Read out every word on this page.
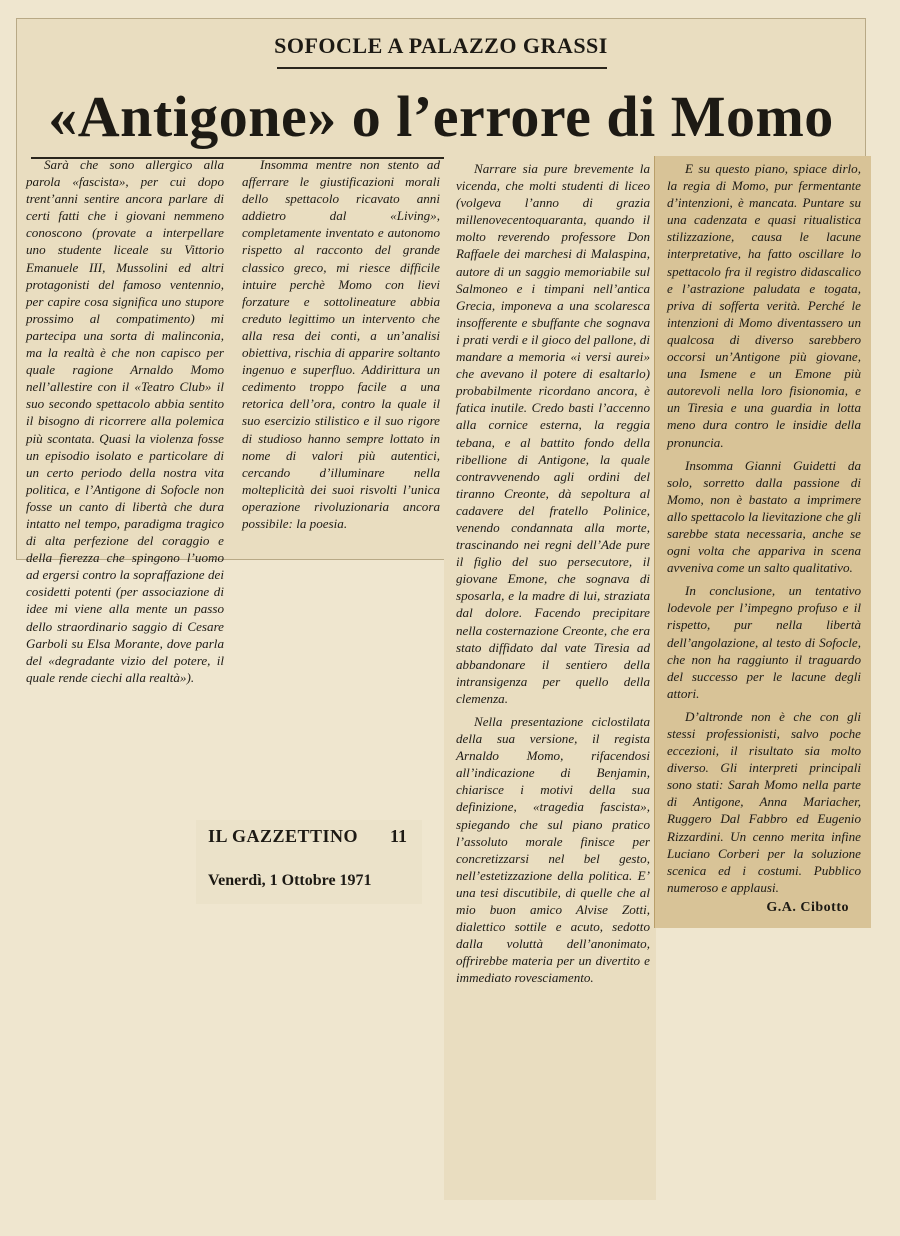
SOFOCLE A PALAZZO GRASSI
«Antigone» o l’errore di Momo

Sarà che sono allergico alla parola «fascista», per cui dopo trent’anni sentire ancora parlare di certi fatti che i giovani nemmeno conoscono (provate a interpellare uno studente liceale su Vittorio Emanuele III, Mussolini ed altri protagonisti del famoso ventennio, per capire cosa significa uno stupore prossimo al compatimento) mi partecipa una sorta di malinconia, ma la realtà è che non capisco per quale ragione Arnaldo Momo nell’allestire con il «Teatro Club» il suo secondo spettacolo abbia sentito il bisogno di ricorrere alla polemica più scontata. Quasi la violenza fosse un episodio isolato e particolare di un certo periodo della nostra vita politica, e l’Antigone di Sofocle non fosse un canto di libertà che dura intatto nel tempo, paradigma tragico di alta perfezione del coraggio e della fierezza che spingono l’uomo ad ergersi contro la sopraffazione dei cosidetti potenti (per associazione di idee mi viene alla mente un passo dello straordinario saggio di Cesare Garboli su Elsa Morante, dove parla del «degradante vizio del potere, il quale rende ciechi alla realtà»).

Insomma mentre non stento ad afferrare le giustificazioni morali dello spettacolo ricavato anni addietro dal «Living», completamente inventato e autonomo rispetto al racconto del grande classico greco, mi riesce difficile intuire perchè Momo con lievi forzature e sottolineature abbia creduto legittimo un intervento che alla resa dei conti, a un’analisi obiettiva, rischia di apparire soltanto ingenuo e superfluo. Addirittura un cedimento troppo facile a una retorica dell’ora, contro la quale il suo esercizio stilistico e il suo rigore di studioso hanno sempre lottato in nome di valori più autentici, cercando d’illuminare nella molteplicità dei suoi risvolti l’unica operazione rivoluzionaria ancora possibile: la poesia.

Narrare sia pure brevemente la vicenda, che molti studenti di liceo (volgeva l’anno di grazia millenovecentoquaranta, quando il molto reverendo professore Don Raffaele dei marchesi di Malaspina, autore di un saggio memoriabile sul Salmoneo e i timpani nell’antica Grecia, imponeva a una scolaresca insofferente e sbuffante che sognava i prati verdi e il gioco del pallone, di mandare a memoria «i versi aurei» che avevano il potere di esaltarlo) probabilmente ricordano ancora, è fatica inutile. Credo basti l’accenno alla cornice esterna, la reggia tebana, e al battito fondo della ribellione di Antigone, la quale contravvenendo agli ordini del tiranno Creonte, dà sepoltura al cadavere del fratello Polinice, venendo condannata alla morte, trascinando nei regni dell’Ade pure il figlio del suo persecutore, il giovane Emone, che sognava di sposarla, e la madre di lui, straziata dal dolore. Facendo precipitare nella costernazione Creonte, che era stato diffidato dal vate Tiresia ad abbandonare il sentiero della intransigenza per quello della clemenza.

Nella presentazione ciclostilata della sua versione, il regista Arnaldo Momo, rifacendosi all’indicazione di Benjamin, chiarisce i motivi della sua definizione, «tragedia fascista», spiegando che sul piano pratico l’assoluto morale finisce per concretizzarsi nel bel gesto, nell’estetizzazione della politica. E’ una tesi discutibile, di quelle che al mio buon amico Alvise Zotti, dialettico sottile e acuto, sedotto dalla voluttà dell’anonimato, offrirebbe materia per un divertito e immediato rovesciamento.

E su questo piano, spiace dirlo, la regia di Momo, pur fermentante d’intenzioni, è mancata. Puntare su una cadenzata e quasi ritualistica stilizzazione, causa le lacune interpretative, ha fatto oscillare lo spettacolo fra il registro didascalico e l’astrazione paludata e togata, priva di sofferta verità. Perché le intenzioni di Momo diventassero un qualcosa di diverso sarebbero occorsi un’Antigone più giovane, una Ismene e un Emone più autorevoli nella loro fisionomia, e un Tiresia e una guardia in lotta meno dura contro le insidie della pronuncia.

Insomma Gianni Guidetti da solo, sorretto dalla passione di Momo, non è bastato a imprimere allo spettacolo la lievitazione che gli sarebbe stata necessaria, anche se ogni volta che appariva in scena avveniva come un salto qualitativo.

In conclusione, un tentativo lodevole per l’impegno profuso e il rispetto, pur nella libertà dell’angolazione, al testo di Sofocle, che non ha raggiunto il traguardo del successo per le lacune degli attori.

D’altronde non è che con gli stessi professionisti, salvo poche eccezioni, il risultato sia molto diverso. Gli interpreti principali sono stati: Sarah Momo nella parte di Antigone, Anna Mariacher, Ruggero Dal Fabbro ed Eugenio Rizzardini. Un cenno merita infine Luciano Corberi per la soluzione scenica ed i costumi. Pubblico numeroso e applausi.

G.A. Cibotto
IL GAZZETTINO 11
Venerdì, 1 Ottobre 1971
